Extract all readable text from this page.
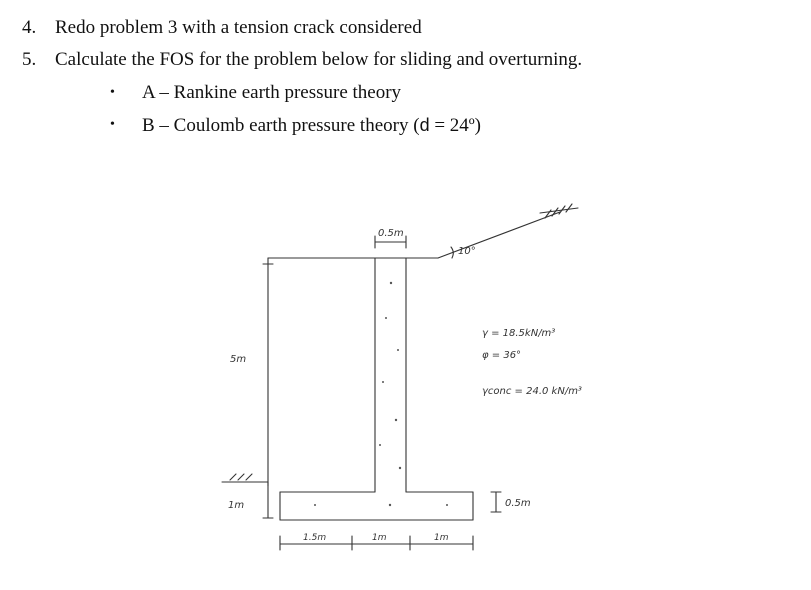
4. Redo problem 3 with a tension crack considered
5. Calculate the FOS for the problem below for sliding and overturning.
• A – Rankine earth pressure theory
• B – Coulomb earth pressure theory (d = 24º)
0.5m
10°
5m
1m	0.5m
1.5m	1m	1m
γ = 18.5kN/m³
φ = 36°
γconc = 24.0 kN/m³
